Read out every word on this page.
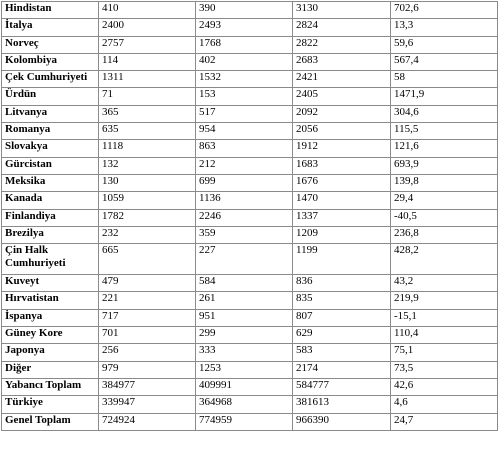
Hindistan	410	390	3130	702,6
İtalya	2400	2493	2824	13,3
Norveç	2757	1768	2822	59,6
Kolombiya	114	402	2683	567,4
Çek Cumhuriyeti	1311	1532	2421	58
Ürdün	71	153	2405	1471,9
Litvanya	365	517	2092	304,6
Romanya	635	954	2056	115,5
Slovakya	1118	863	1912	121,6
Gürcistan	132	212	1683	693,9
Meksika	130	699	1676	139,8
Kanada	1059	1136	1470	29,4
Finlandiya	1782	2246	1337	-40,5
Brezilya	232	359	1209	236,8
Çin Halk Cumhuriyeti	665	227	1199	428,2
Kuveyt	479	584	836	43,2
Hırvatistan	221	261	835	219,9
İspanya	717	951	807	-15,1
Güney Kore	701	299	629	110,4
Japonya	256	333	583	75,1
Diğer	979	1253	2174	73,5
Yabancı Toplam	384977	409991	584777	42,6
Türkiye	339947	364968	381613	4,6
Genel Toplam	724924	774959	966390	24,7
